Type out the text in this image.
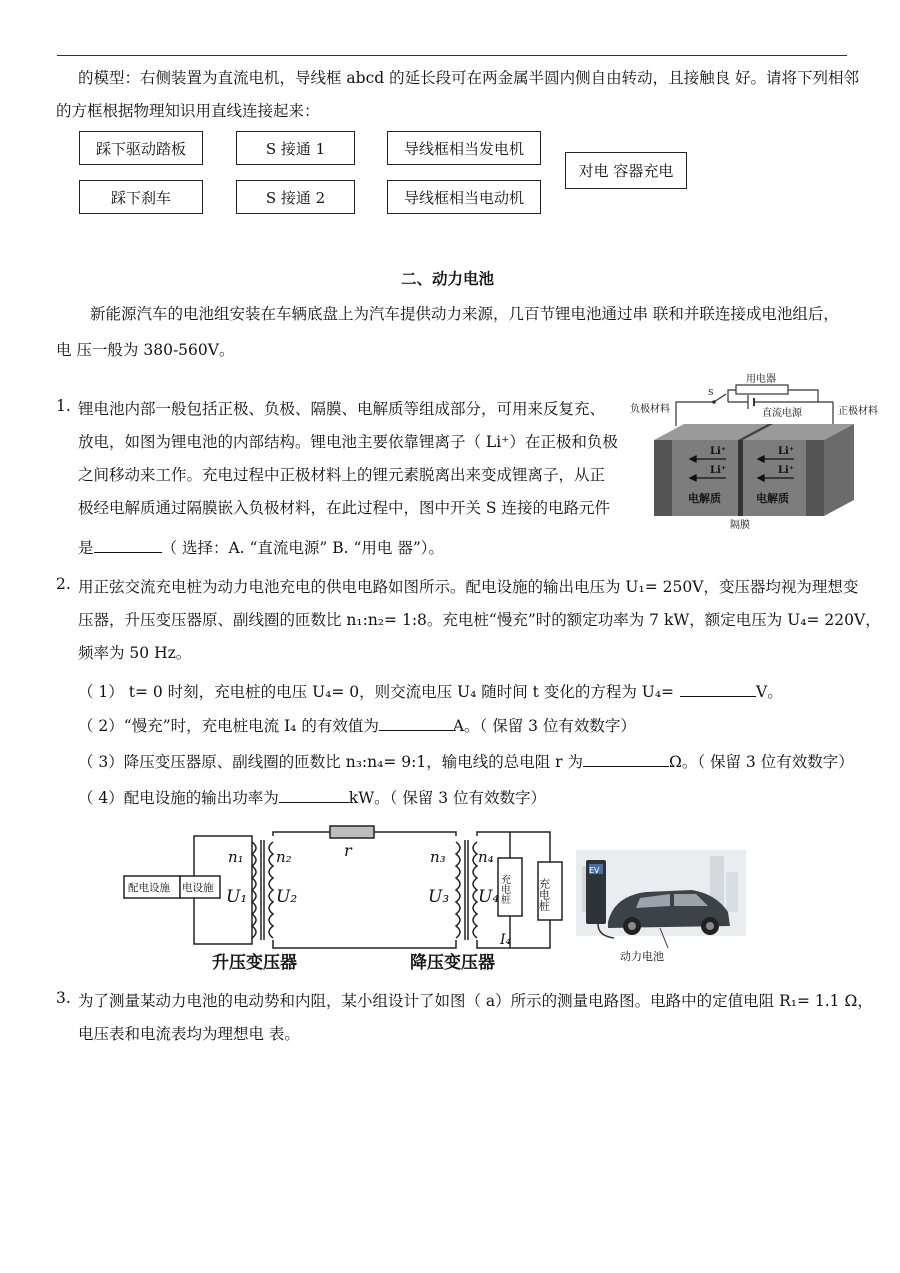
的模型：右侧装置为直流电机，导线框 abcd 的延长段可在两金属半圆内侧自由转动，且接触良 好。请将下列相邻
的方框根据物理知识用直线连接起来：
踩下驱动踏板
踩下刹车
S 接通 1
S 接通 2
导线框相当发电机
导线框相当电动机
对电 容器充电
二、动力电池
新能源汽车的电池组安装在车辆底盘上为汽车提供动力来源，几百节锂电池通过串 联和并联连接成电池组后，
电 压一般为 380-560V。
1. 锂电池内部一般包括正极、负极、隔膜、电解质等组成部分，可用来反复充、
放电，如图为锂电池的内部结构。锂电池主要依靠锂离子（ Li⁺）在正极和负极
之间移动来工作。充电过程中正极材料上的锂元素脱离出来变成锂离子，从正
极经电解质通过隔膜嵌入负极材料，在此过程中，图中开关 S 连接的电路元件
是	（ 选择：A. “直流电源” B. “用电 器”）。
Li⁺
Li⁺
Li⁺
Li⁺
电解质	电解质
用电器
S
直流电源
负极材料	正极材料
隔膜
2. 用正弦交流充电桩为动力电池充电的供电电路如图所示。配电设施的输出电压为 U₁= 250V，变压器均视为理想变
压器，升压变压器原、副线圈的匝数比 n₁:n₂= 1:8。充电桩“慢充”时的额定功率为 7 kW，额定电压为 U₄= 220V，
频率为 50 Hz。
（ 1） t= 0 时刻，充电桩的电压 U₄= 0，则交流电压 U₄ 随时间 t 变化的方程为 U₄=	V。
（ 2）“慢充”时，充电桩电流 I₄ 的有效值为	A。（ 保留 3 位有效数字）
（ 3）降压变压器原、副线圈的匝数比 n₃:n₄= 9:1，输电线的总电阻 r 为	Ω。（ 保留 3 位有效数字）
（ 4）配电设施的输出功率为	kW。（ 保留 3 位有效数字）
EV
配电设施 电设施
n₁
U₁
n₂
U₂
r	n₃
U₃
n₄
U₄
I₄
充电桩	充电桩
升压变压器	降压变压器	动力电池
3. 为了测量某动力电池的电动势和内阻，某小组设计了如图（ a）所示的测量电路图。电路中的定值电阻 R₁= 1.1 Ω，
电压表和电流表均为理想电 表。
